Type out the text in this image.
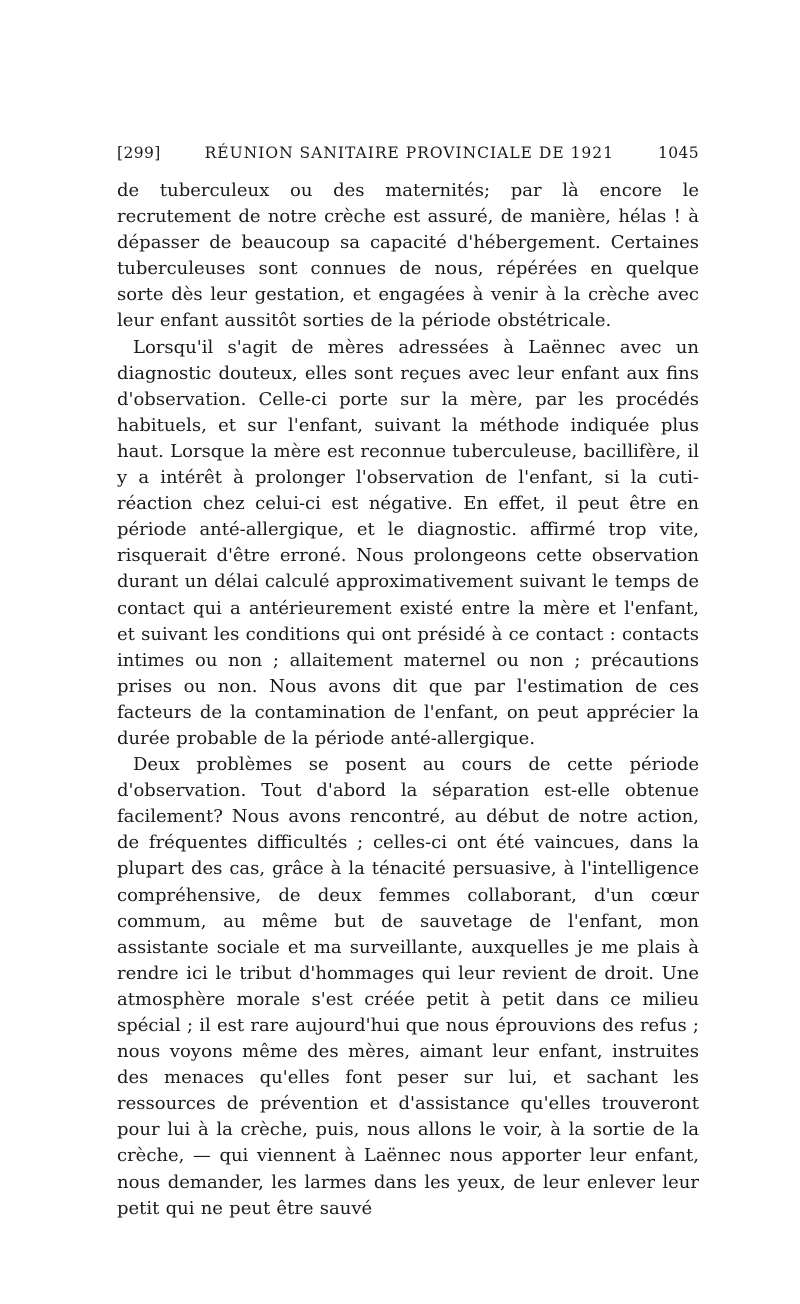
[299]	RÉUNION SANITAIRE PROVINCIALE DE 1921	1045

de tuberculeux ou des maternités; par là encore le recrutement de notre crèche est assuré, de manière, hélas ! à dépasser de beaucoup sa capacité d'hébergement. Certaines tuberculeuses sont connues de nous, répérées en quelque sorte dès leur gestation, et engagées à venir à la crèche avec leur enfant aussitôt sorties de la période obstétricale.

Lorsqu'il s'agit de mères adressées à Laënnec avec un diagnostic douteux, elles sont reçues avec leur enfant aux fins d'observation. Celle-ci porte sur la mère, par les procédés habituels, et sur l'enfant, suivant la méthode indiquée plus haut. Lorsque la mère est reconnue tuberculeuse, bacillifère, il y a intérêt à prolonger l'observation de l'enfant, si la cuti-réaction chez celui-ci est négative. En effet, il peut être en période anté-allergique, et le diagnostic. affirmé trop vite, risquerait d'être erroné. Nous prolongeons cette observation durant un délai calculé approximativement suivant le temps de contact qui a antérieurement existé entre la mère et l'enfant, et suivant les conditions qui ont présidé à ce contact : contacts intimes ou non ; allaitement maternel ou non ; précautions prises ou non. Nous avons dit que par l'estimation de ces facteurs de la contamination de l'enfant, on peut apprécier la durée probable de la période anté-allergique.

Deux problèmes se posent au cours de cette période d'observation. Tout d'abord la séparation est-elle obtenue facilement? Nous avons rencontré, au début de notre action, de fréquentes difficultés ; celles-ci ont été vaincues, dans la plupart des cas, grâce à la ténacité persuasive, à l'intelligence compréhensive, de deux femmes collaborant, d'un cœur commum, au même but de sauvetage de l'enfant, mon assistante sociale et ma surveillante, auxquelles je me plais à rendre ici le tribut d'hommages qui leur revient de droit. Une atmosphère morale s'est créée petit à petit dans ce milieu spécial ; il est rare aujourd'hui que nous éprouvions des refus ; nous voyons même des mères, aimant leur enfant, instruites des menaces qu'elles font peser sur lui, et sachant les ressources de prévention et d'assistance qu'elles trouveront pour lui à la crèche, puis, nous allons le voir, à la sortie de la crèche, — qui viennent à Laënnec nous apporter leur enfant, nous demander, les larmes dans les yeux, de leur enlever leur petit qui ne peut être sauvé
